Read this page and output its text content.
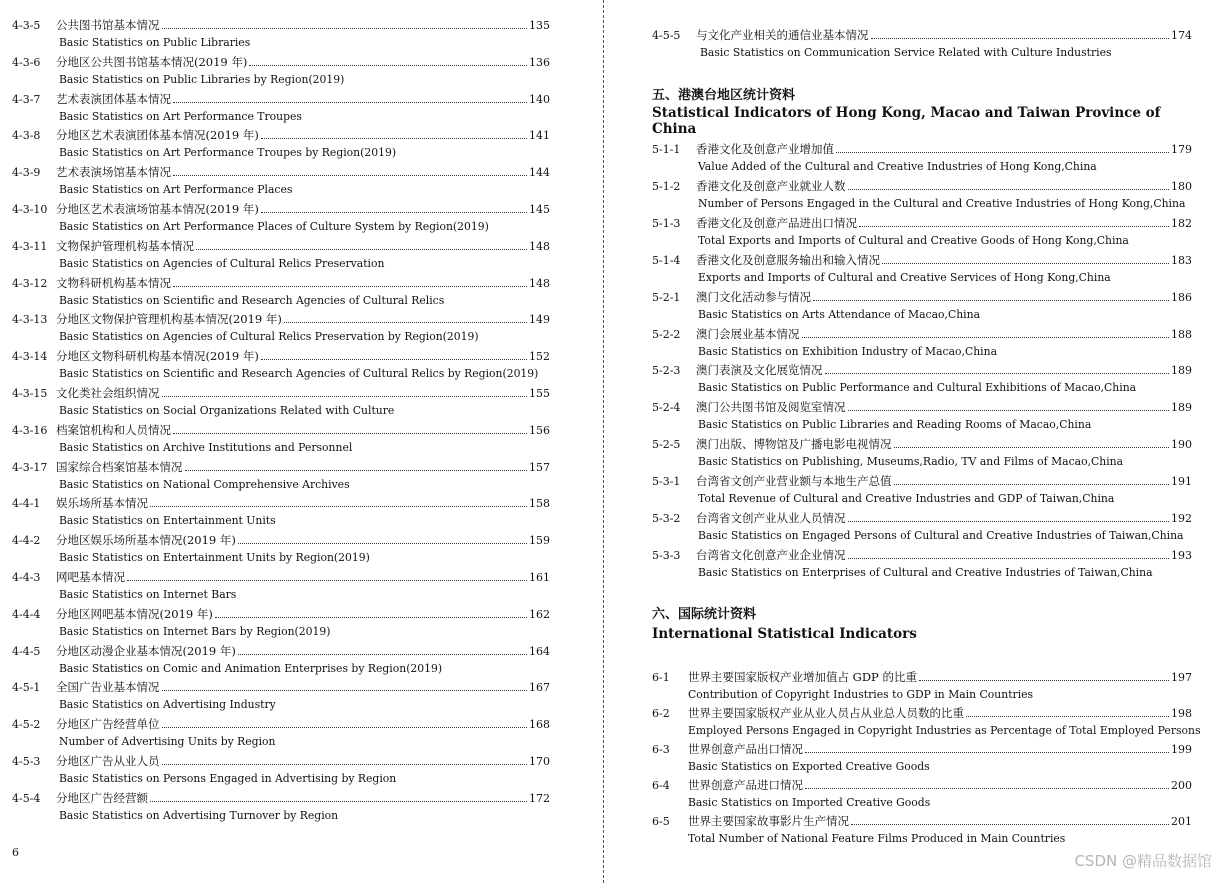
4-3-5	公共图书馆基本情况	135
Basic Statistics on Public Libraries
4-3-6	分地区公共图书馆基本情况(2019 年)	136
Basic Statistics on Public Libraries by Region(2019)
4-3-7	艺术表演团体基本情况	140
Basic Statistics on Art Performance Troupes
4-3-8	分地区艺术表演团体基本情况(2019 年)	141
Basic Statistics on Art Performance Troupes by Region(2019)
4-3-9	艺术表演场馆基本情况	144
Basic Statistics on Art Performance Places
4-3-10 分地区艺术表演场馆基本情况(2019 年)	145
Basic Statistics on Art Performance Places of Culture System by Region(2019)
4-3-11 文物保护管理机构基本情况	148
Basic Statistics on Agencies of Cultural Relics Preservation
4-3-12 文物科研机构基本情况	148
Basic Statistics on Scientific and Research Agencies of Cultural Relics
4-3-13 分地区文物保护管理机构基本情况(2019 年)	149
Basic Statistics on Agencies of Cultural Relics Preservation by Region(2019)
4-3-14 分地区文物科研机构基本情况(2019 年)	152
Basic Statistics on Scientific and Research Agencies of Cultural Relics by Region(2019)
4-3-15 文化类社会组织情况	155
Basic Statistics on Social Organizations Related with Culture
4-3-16 档案馆机构和人员情况	156
Basic Statistics on Archive Institutions and Personnel
4-3-17 国家综合档案馆基本情况	157
Basic Statistics on National Comprehensive Archives
4-4-1	娱乐场所基本情况	158
Basic Statistics on Entertainment Units
4-4-2	分地区娱乐场所基本情况(2019 年)	159
Basic Statistics on Entertainment Units by Region(2019)
4-4-3	网吧基本情况	161
Basic Statistics on Internet Bars
4-4-4	分地区网吧基本情况(2019 年)	162
Basic Statistics on Internet Bars by Region(2019)
4-4-5	分地区动漫企业基本情况(2019 年)	164
Basic Statistics on Comic and Animation Enterprises by Region(2019)
4-5-1	全国广告业基本情况	167
Basic Statistics on Advertising Industry
4-5-2	分地区广告经营单位	168
Number of Advertising Units by Region
4-5-3	分地区广告从业人员	170
Basic Statistics on Persons Engaged in Advertising by Region
4-5-4	分地区广告经营额	172
Basic Statistics on Advertising Turnover by Region
4-5-5	与文化产业相关的通信业基本情况	174
Basic Statistics on Communication Service Related with Culture Industries
五、港澳台地区统计资料
Statistical Indicators of Hong Kong, Macao and Taiwan Province of China
5-1-1	香港文化及创意产业增加值	179
Value Added of the Cultural and Creative Industries of Hong Kong,China
5-1-2	香港文化及创意产业就业人数	180
Number of Persons Engaged in the Cultural and Creative Industries of Hong Kong,China
5-1-3	香港文化及创意产品进出口情况	182
Total Exports and Imports of Cultural and Creative Goods of Hong Kong,China
5-1-4	香港文化及创意服务输出和输入情况	183
Exports and Imports of Cultural and Creative Services of Hong Kong,China
5-2-1	澳门文化活动参与情况	186
Basic Statistics on Arts Attendance of Macao,China
5-2-2	澳门会展业基本情况	188
Basic Statistics on Exhibition Industry of Macao,China
5-2-3	澳门表演及文化展览情况	189
Basic Statistics on Public Performance and Cultural Exhibitions of Macao,China
5-2-4	澳门公共图书馆及阅览室情况	189
Basic Statistics on Public Libraries and Reading Rooms of Macao,China
5-2-5	澳门出版、博物馆及广播电影电视情况	190
Basic Statistics on Publishing, Museums,Radio, TV and Films of Macao,China
5-3-1	台湾省文创产业营业额与本地生产总值	191
Total Revenue of Cultural and Creative Industries and GDP of Taiwan,China
5-3-2	台湾省文创产业从业人员情况	192
Basic Statistics on Engaged Persons of Cultural and Creative Industries of Taiwan,China
5-3-3	台湾省文化创意产业企业情况	193
Basic Statistics on Enterprises of Cultural and Creative Industries of Taiwan,China
六、国际统计资料
International Statistical Indicators
6-1	世界主要国家版权产业增加值占 GDP 的比重	197
Contribution of Copyright Industries to GDP in Main Countries
6-2	世界主要国家版权产业从业人员占从业总人员数的比重	198
Employed Persons Engaged in Copyright Industries as Percentage of Total Employed Persons
6-3	世界创意产品出口情况	199
Basic Statistics on Exported Creative Goods
6-4	世界创意产品进口情况	200
Basic Statistics on Imported Creative Goods
6-5	世界主要国家故事影片生产情况	201
Total Number of National Feature Films Produced in Main Countries
6	CSDN @精品数据馆
